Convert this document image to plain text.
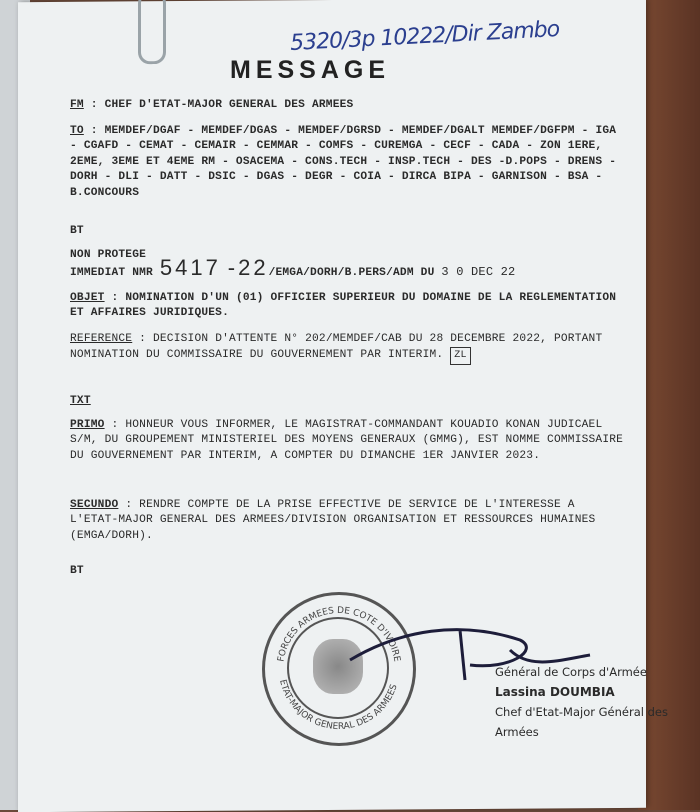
5320/3p 10222/Dir Zambo
MESSAGE
FM : CHEF D'ETAT-MAJOR GENERAL DES ARMEES
TO : MEMDEF/DGAF - MEMDEF/DGAS - MEMDEF/DGRSD - MEMDEF/DGALT MEMDEF/DGFPM - IGA - CGAFD - CEMAT - CEMAIR - CEMMAR - COMFS - CUREMGA - CECF - CADA - ZON 1ERE, 2EME, 3EME ET 4EME RM - OSACEMA - CONS.TECH - INSP.TECH - DES -D.POPS - DRENS - DORH - DLI - DATT - DSIC - DGAS - DEGR - COIA - DIRCA BIPA - GARNISON - BSA - B.CONCOURS
BT
NON PROTEGE
IMMEDIAT NMR 5417 -22/EMGA/DORH/B.PERS/ADM DU 3 0 DEC 22
OBJET : NOMINATION D'UN (01) OFFICIER SUPERIEUR DU DOMAINE DE LA REGLEMENTATION ET AFFAIRES JURIDIQUES.
REFERENCE : DECISION D'ATTENTE N° 202/MEMDEF/CAB DU 28 DECEMBRE 2022, PORTANT NOMINATION DU COMMISSAIRE DU GOUVERNEMENT PAR INTERIM. ZL
TXT
PRIMO : HONNEUR VOUS INFORMER, LE MAGISTRAT-COMMANDANT KOUADIO KONAN JUDICAEL S/M, DU GROUPEMENT MINISTERIEL DES MOYENS GENERAUX (GMMG), EST NOMME COMMISSAIRE DU GOUVERNEMENT PAR INTERIM, A COMPTER DU DIMANCHE 1ER JANVIER 2023.
SECUNDO : RENDRE COMPTE DE LA PRISE EFFECTIVE DE SERVICE DE L'INTERESSE A L'ETAT-MAJOR GENERAL DES ARMEES/DIVISION ORGANISATION ET RESSOURCES HUMAINES (EMGA/DORH).
BT
FORCES ARMEES DE COTE D'IVOIRE
ETAT-MAJOR GENERAL DES ARMEES
Général de Corps d'Armée
Lassina DOUMBIA
Chef d'Etat-Major Général des Armées
